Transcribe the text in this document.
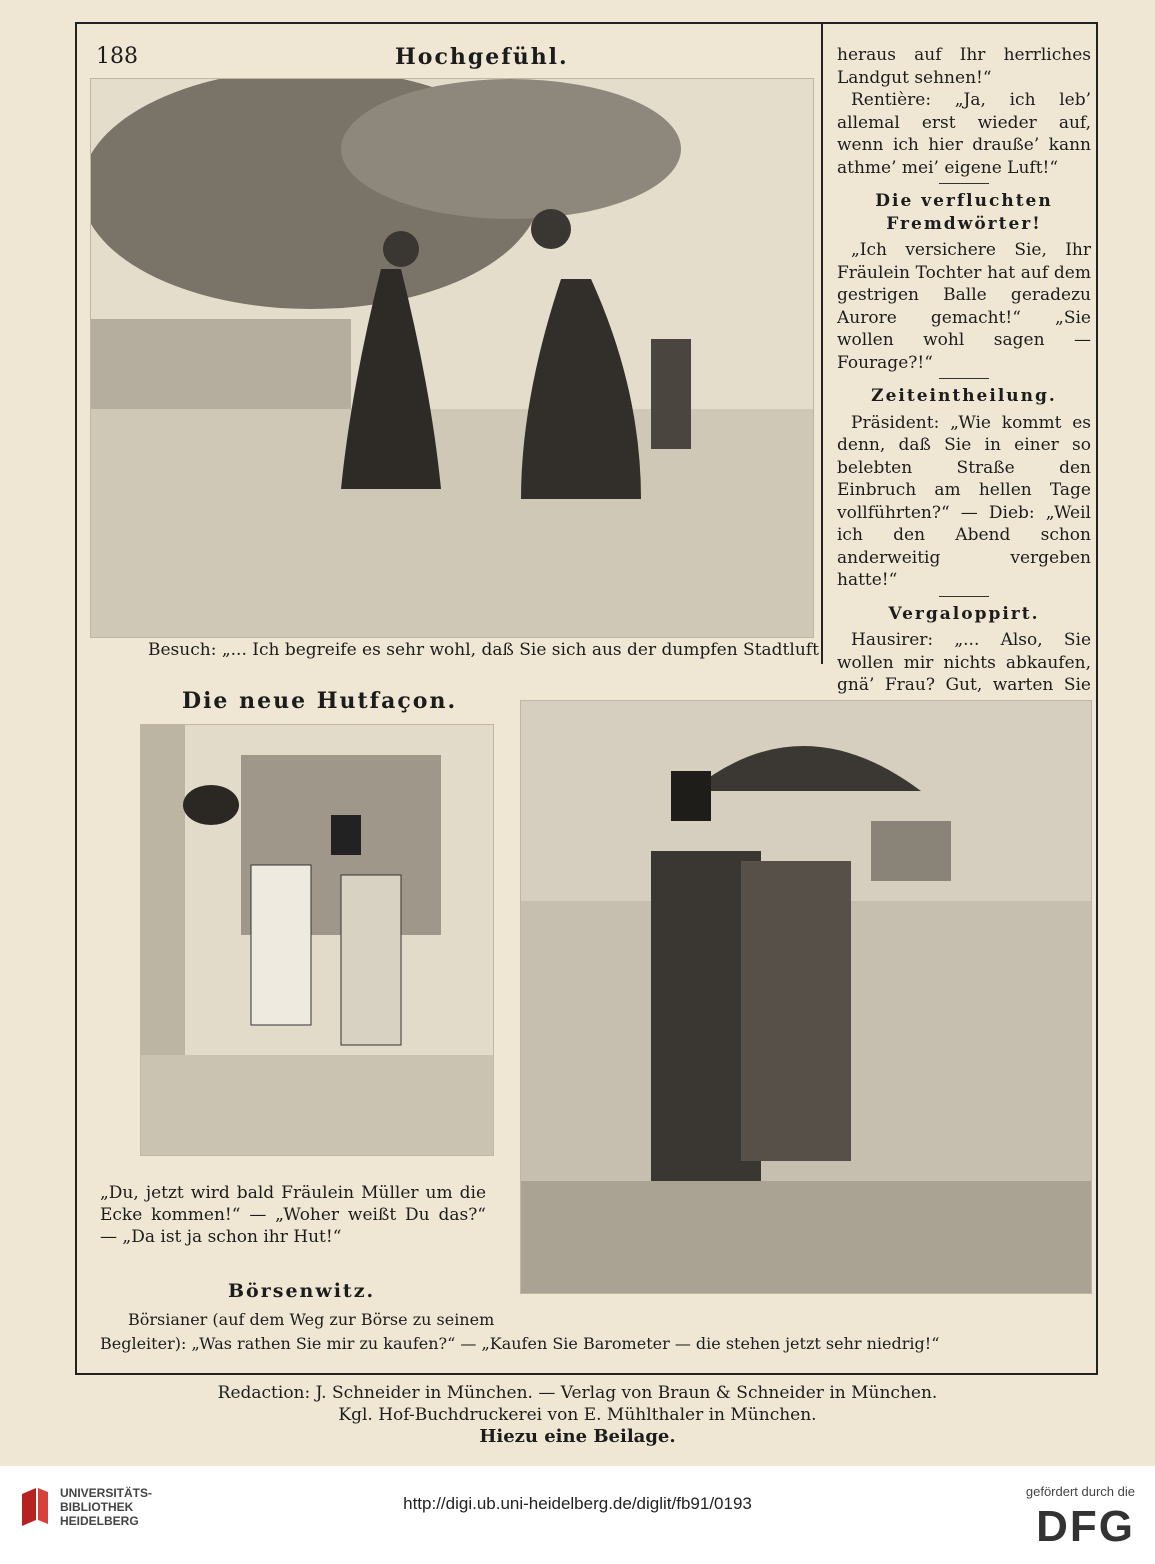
188	Hochgefühl.
Besuch: „... Ich begreife es sehr wohl, daß Sie sich aus der dumpfen Stadtluft

heraus auf Ihr herrliches Landgut sehnen!“

Rentière: „Ja, ich leb’ allemal erst wieder auf, wenn ich hier drauße’ kann athme’ mei’ eigene Luft!“

Die verfluchten Fremdwörter!

„Ich versichere Sie, Ihr Fräulein Tochter hat auf dem gestrigen Balle geradezu Aurore gemacht!“ „Sie wollen wohl sagen — Fourage?!“

Zeiteintheilung.

Präsident: „Wie kommt es denn, daß Sie in einer so belebten Straße den Einbruch am hellen Tage vollführten?“ — Dieb: „Weil ich den Abend schon anderweitig vergeben hatte!“

Vergaloppirt.

Hausirer: „... Also, Sie wollen mir nichts abkaufen, gnä’ Frau? Gut, warten Sie

Die neue Hutfaçon.
„Du, jetzt wird bald Fräulein Müller um die Ecke kommen!“ — „Woher weißt Du das?“ — „Da ist ja schon ihr Hut!“
Börsenwitz.
Börsianer (auf dem Weg zur Börse zu seinem
Begleiter): „Was rathen Sie mir zu kaufen?“ — „Kaufen Sie Barometer — die stehen jetzt sehr niedrig!“
Redaction: J. Schneider in München. — Verlag von Braun & Schneider in München.
Kgl. Hof-Buchdruckerei von E. Mühlthaler in München.
Hiezu eine Beilage.
UNIVERSITÄTS-
BIBLIOTHEK
HEIDELBERG
http://digi.ub.uni-heidelberg.de/diglit/fb91/0193
gefördert durch die
DFG
